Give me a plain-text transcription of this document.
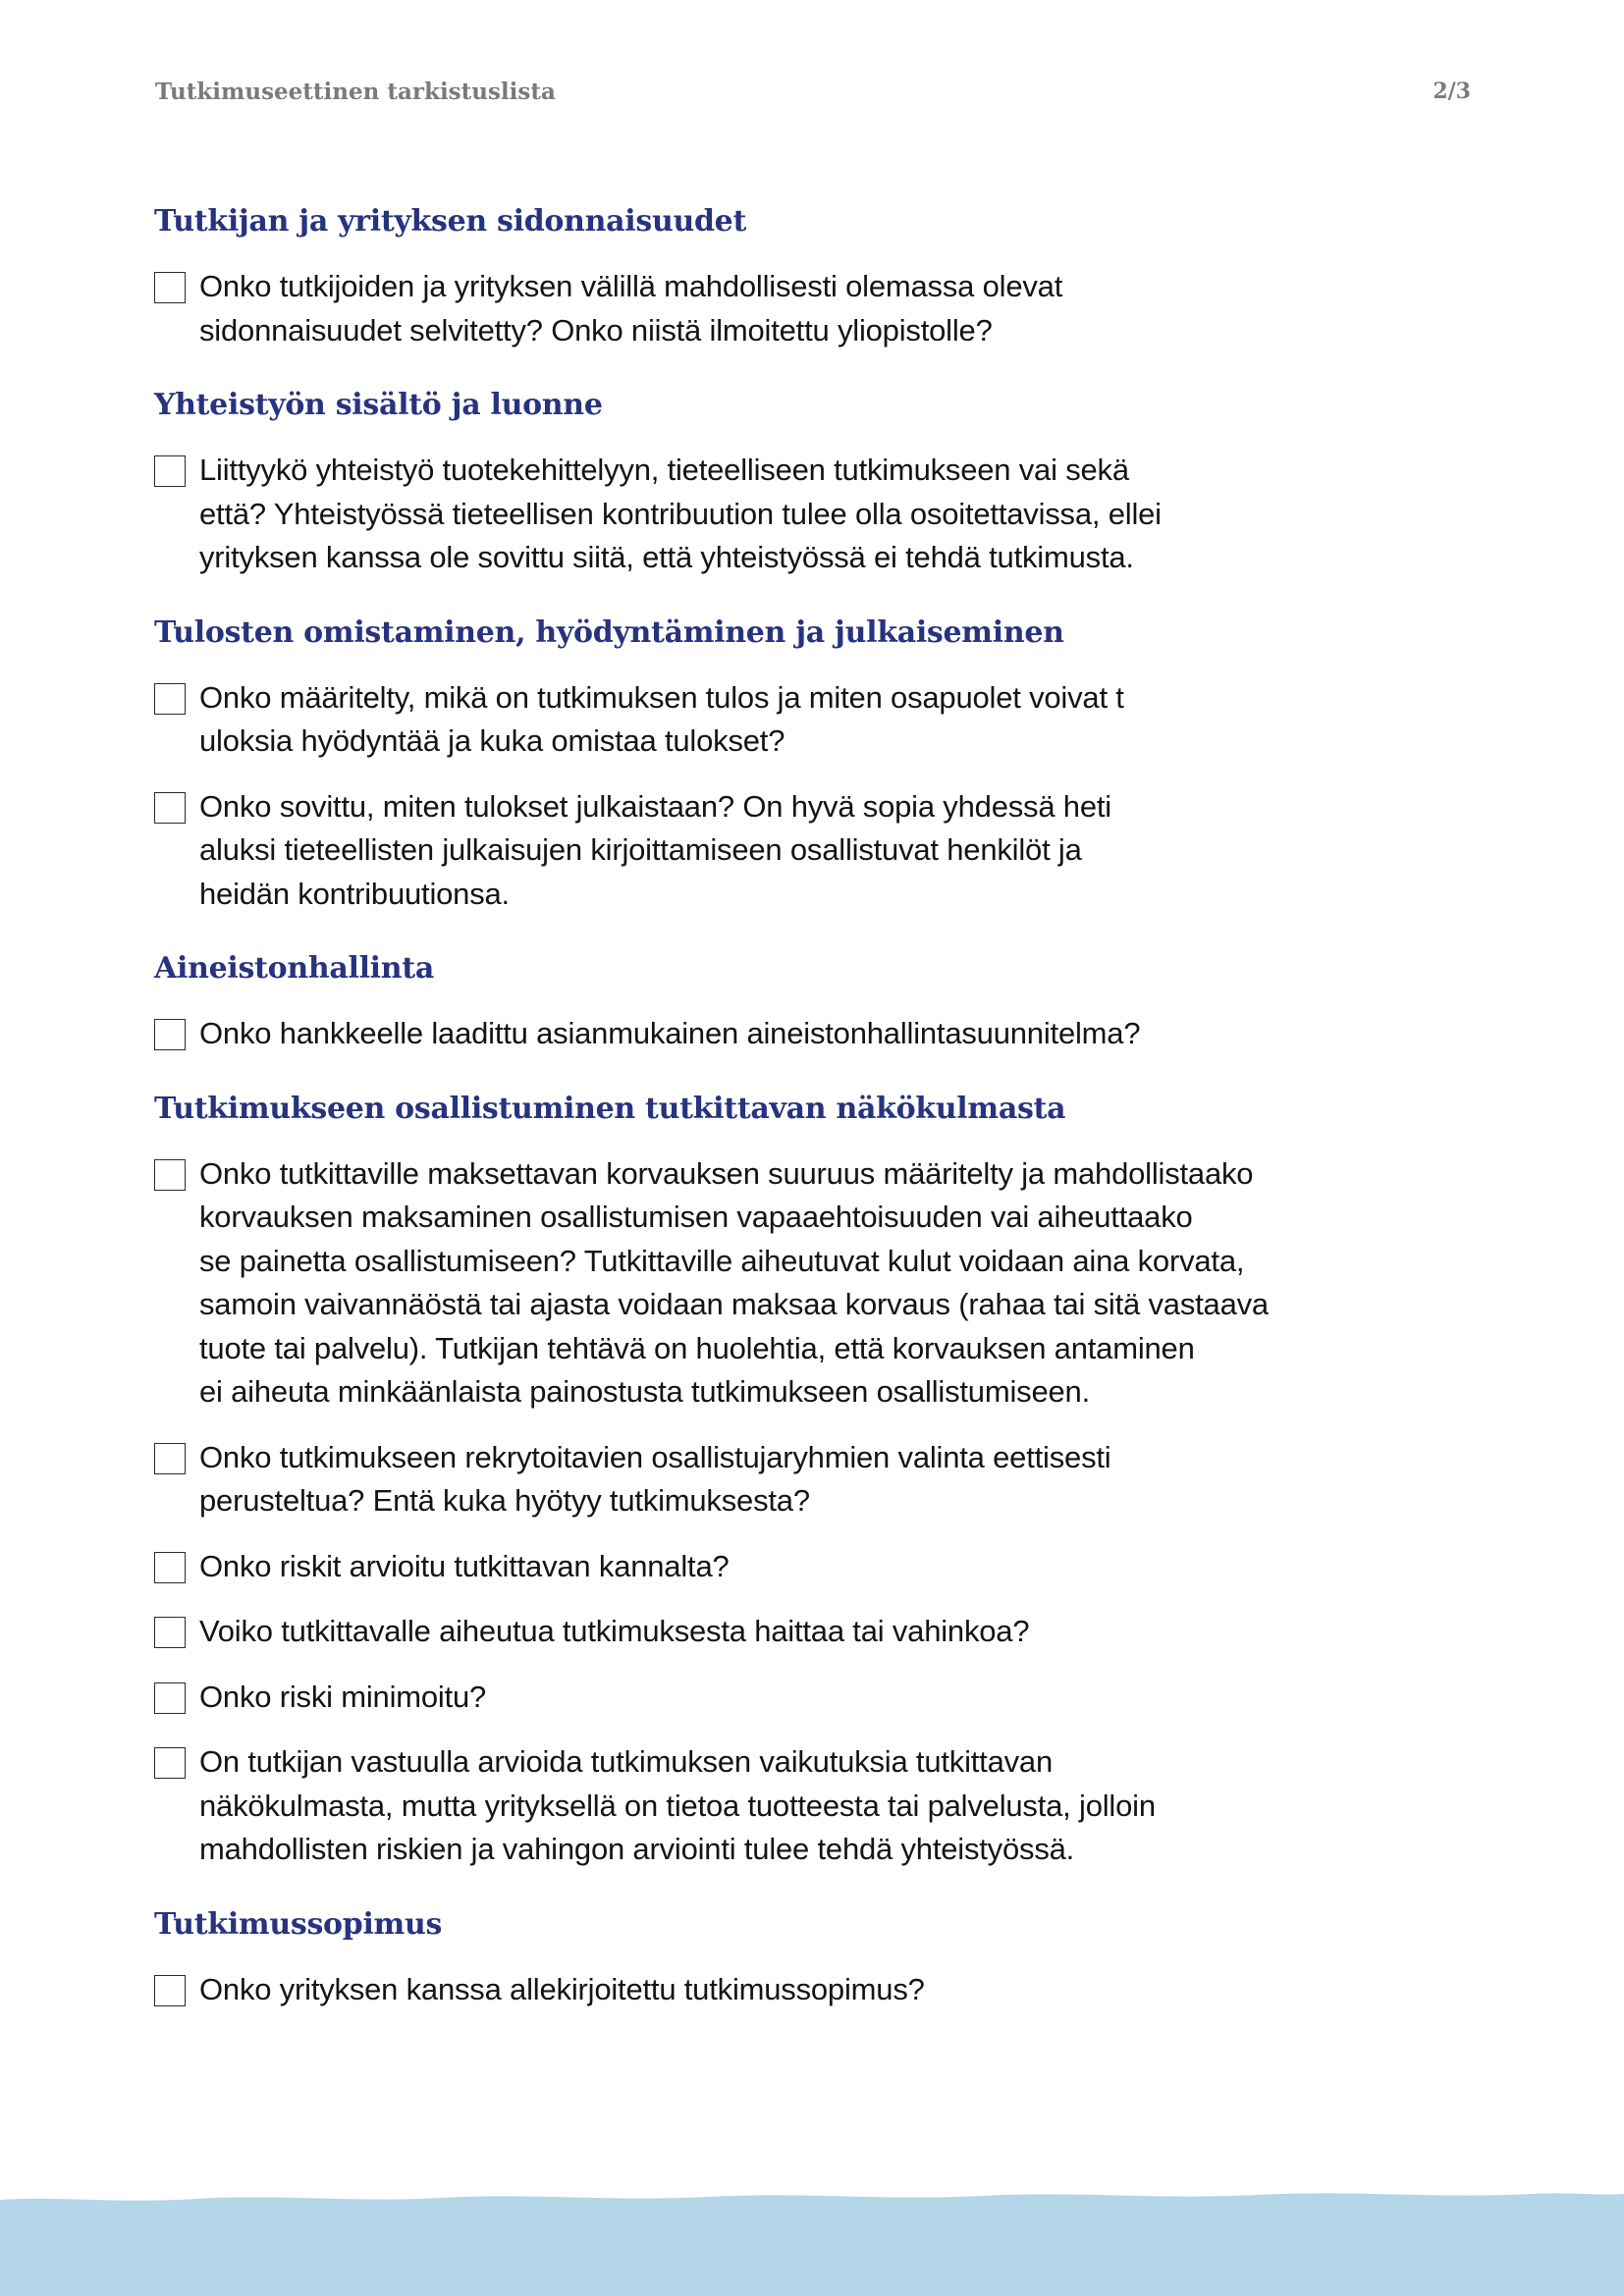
Tutkimuseettinen tarkistuslista	2/3
Tutkijan ja yrityksen sidonnaisuudet
Onko tutkijoiden ja yrityksen välillä mahdollisesti olemassa olevat
sidonnaisuudet selvitetty? Onko niistä ilmoitettu yliopistolle?
Yhteistyön sisältö ja luonne
Liittyykö yhteistyö tuotekehittelyyn, tieteelliseen tutkimukseen vai sekä
että? Yhteistyössä tieteellisen kontribuution tulee olla osoitettavissa, ellei
yrityksen kanssa ole sovittu siitä, että yhteistyössä ei tehdä tutkimusta.
Tulosten omistaminen, hyödyntäminen ja julkaiseminen
Onko määritelty, mikä on tutkimuksen tulos ja miten osapuolet voivat t
uloksia hyödyntää ja kuka omistaa tulokset?
Onko sovittu, miten tulokset julkaistaan? On hyvä sopia yhdessä heti
aluksi tieteellisten julkaisujen kirjoittamiseen osallistuvat henkilöt ja
heidän kontribuutionsa.
Aineistonhallinta
Onko hankkeelle laadittu asianmukainen aineistonhallintasuunnitelma?
Tutkimukseen osallistuminen tutkittavan näkökulmasta
Onko tutkittaville maksettavan korvauksen suuruus määritelty ja mahdollistaako
korvauksen maksaminen osallistumisen vapaaehtoisuuden vai aiheuttaako
se painetta osallistumiseen? Tutkittaville aiheutuvat kulut voidaan aina korvata,
samoin vaivannäöstä tai ajasta voidaan maksaa korvaus (rahaa tai sitä vastaava
tuote tai palvelu). Tutkijan tehtävä on huolehtia, että korvauksen antaminen
ei aiheuta minkäänlaista painostusta tutkimukseen osallistumiseen.
Onko tutkimukseen rekrytoitavien osallistujaryhmien valinta eettisesti
perusteltua? Entä kuka hyötyy tutkimuksesta?
Onko riskit arvioitu tutkittavan kannalta?
Voiko tutkittavalle aiheutua tutkimuksesta haittaa tai vahinkoa?
Onko riski minimoitu?
On tutkijan vastuulla arvioida tutkimuksen vaikutuksia tutkittavan
näkökulmasta, mutta yrityksellä on tietoa tuotteesta tai palvelusta, jolloin
mahdollisten riskien ja vahingon arviointi tulee tehdä yhteistyössä.
Tutkimussopimus
Onko yrityksen kanssa allekirjoitettu tutkimussopimus?
